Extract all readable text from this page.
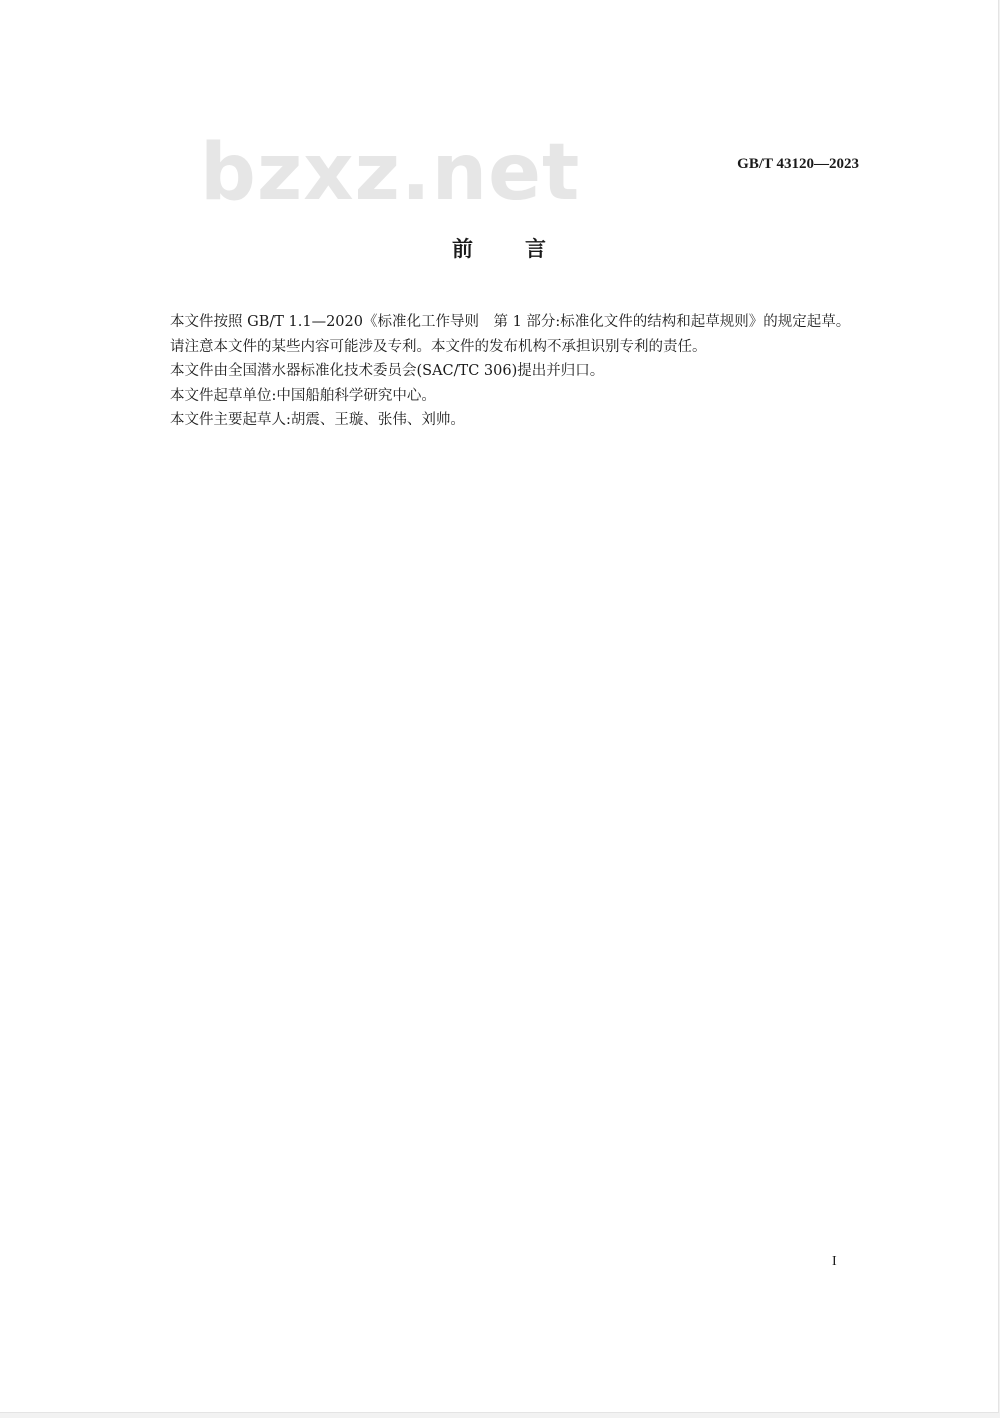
bzxz.net	GB/T 43120—2023
前言

本文件按照 GB/T 1.1—2020《标准化工作导则　第 1 部分:标准化文件的结构和起草规则》的规定起草。

请注意本文件的某些内容可能涉及专利。本文件的发布机构不承担识别专利的责任。

本文件由全国潜水器标准化技术委员会(SAC/TC 306)提出并归口。

本文件起草单位:中国船舶科学研究中心。

本文件主要起草人:胡震、王璇、张伟、刘帅。

I
